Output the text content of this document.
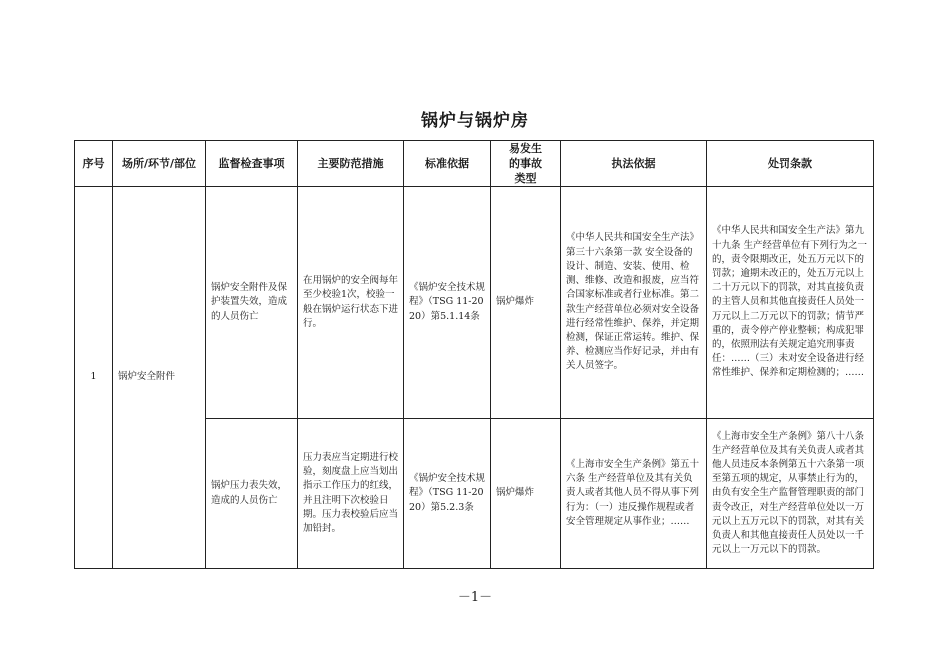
锅炉与锅炉房
序号	场所/环节/部位	监督检查事项	主要防范措施	标准依据	易发生的事故类型	执法依据	处罚条款
1	锅炉安全附件	锅炉安全附件及保护装置失效，造成的人员伤亡	在用锅炉的安全阀每年至少校验1次，校验一般在锅炉运行状态下进行。	《锅炉安全技术规程》（TSG 11-2020）第5.1.14条	锅炉爆炸	《中华人民共和国安全生产法》第三十六条第一款 安全设备的设计、制造、安装、使用、检测、维修、改造和报废，应当符合国家标准或者行业标准。第二款生产经营单位必须对安全设备进行经常性维护、保养，并定期检测，保证正常运转。维护、保养、检测应当作好记录，并由有关人员签字。	《中华人民共和国安全生产法》第九十九条 生产经营单位有下列行为之一的，责令限期改正，处五万元以下的罚款；逾期未改正的，处五万元以上二十万元以下的罚款，对其直接负责的主管人员和其他直接责任人员处一万元以上二万元以下的罚款；情节严重的，责令停产停业整顿；构成犯罪的，依照刑法有关规定追究刑事责任：……（三）未对安全设备进行经常性维护、保养和定期检测的；……
		锅炉压力表失效，造成的人员伤亡	压力表应当定期进行校验，刻度盘上应当划出指示工作压力的红线，并且注明下次校验日期。压力表校验后应当加铅封。	《锅炉安全技术规程》（TSG 11-2020）第5.2.3条	锅炉爆炸	《上海市安全生产条例》第五十六条 生产经营单位及其有关负责人或者其他人员不得从事下列行为：（一）违反操作规程或者安全管理规定从事作业；……	《上海市安全生产条例》第八十八条 生产经营单位及其有关负责人或者其他人员违反本条例第五十六条第一项至第五项的规定，从事禁止行为的，由负有安全生产监督管理职责的部门责令改正，对生产经营单位处以一万元以上五万元以下的罚款，对其有关负责人和其他直接责任人员处以一千元以上一万元以下的罚款。
－1－
